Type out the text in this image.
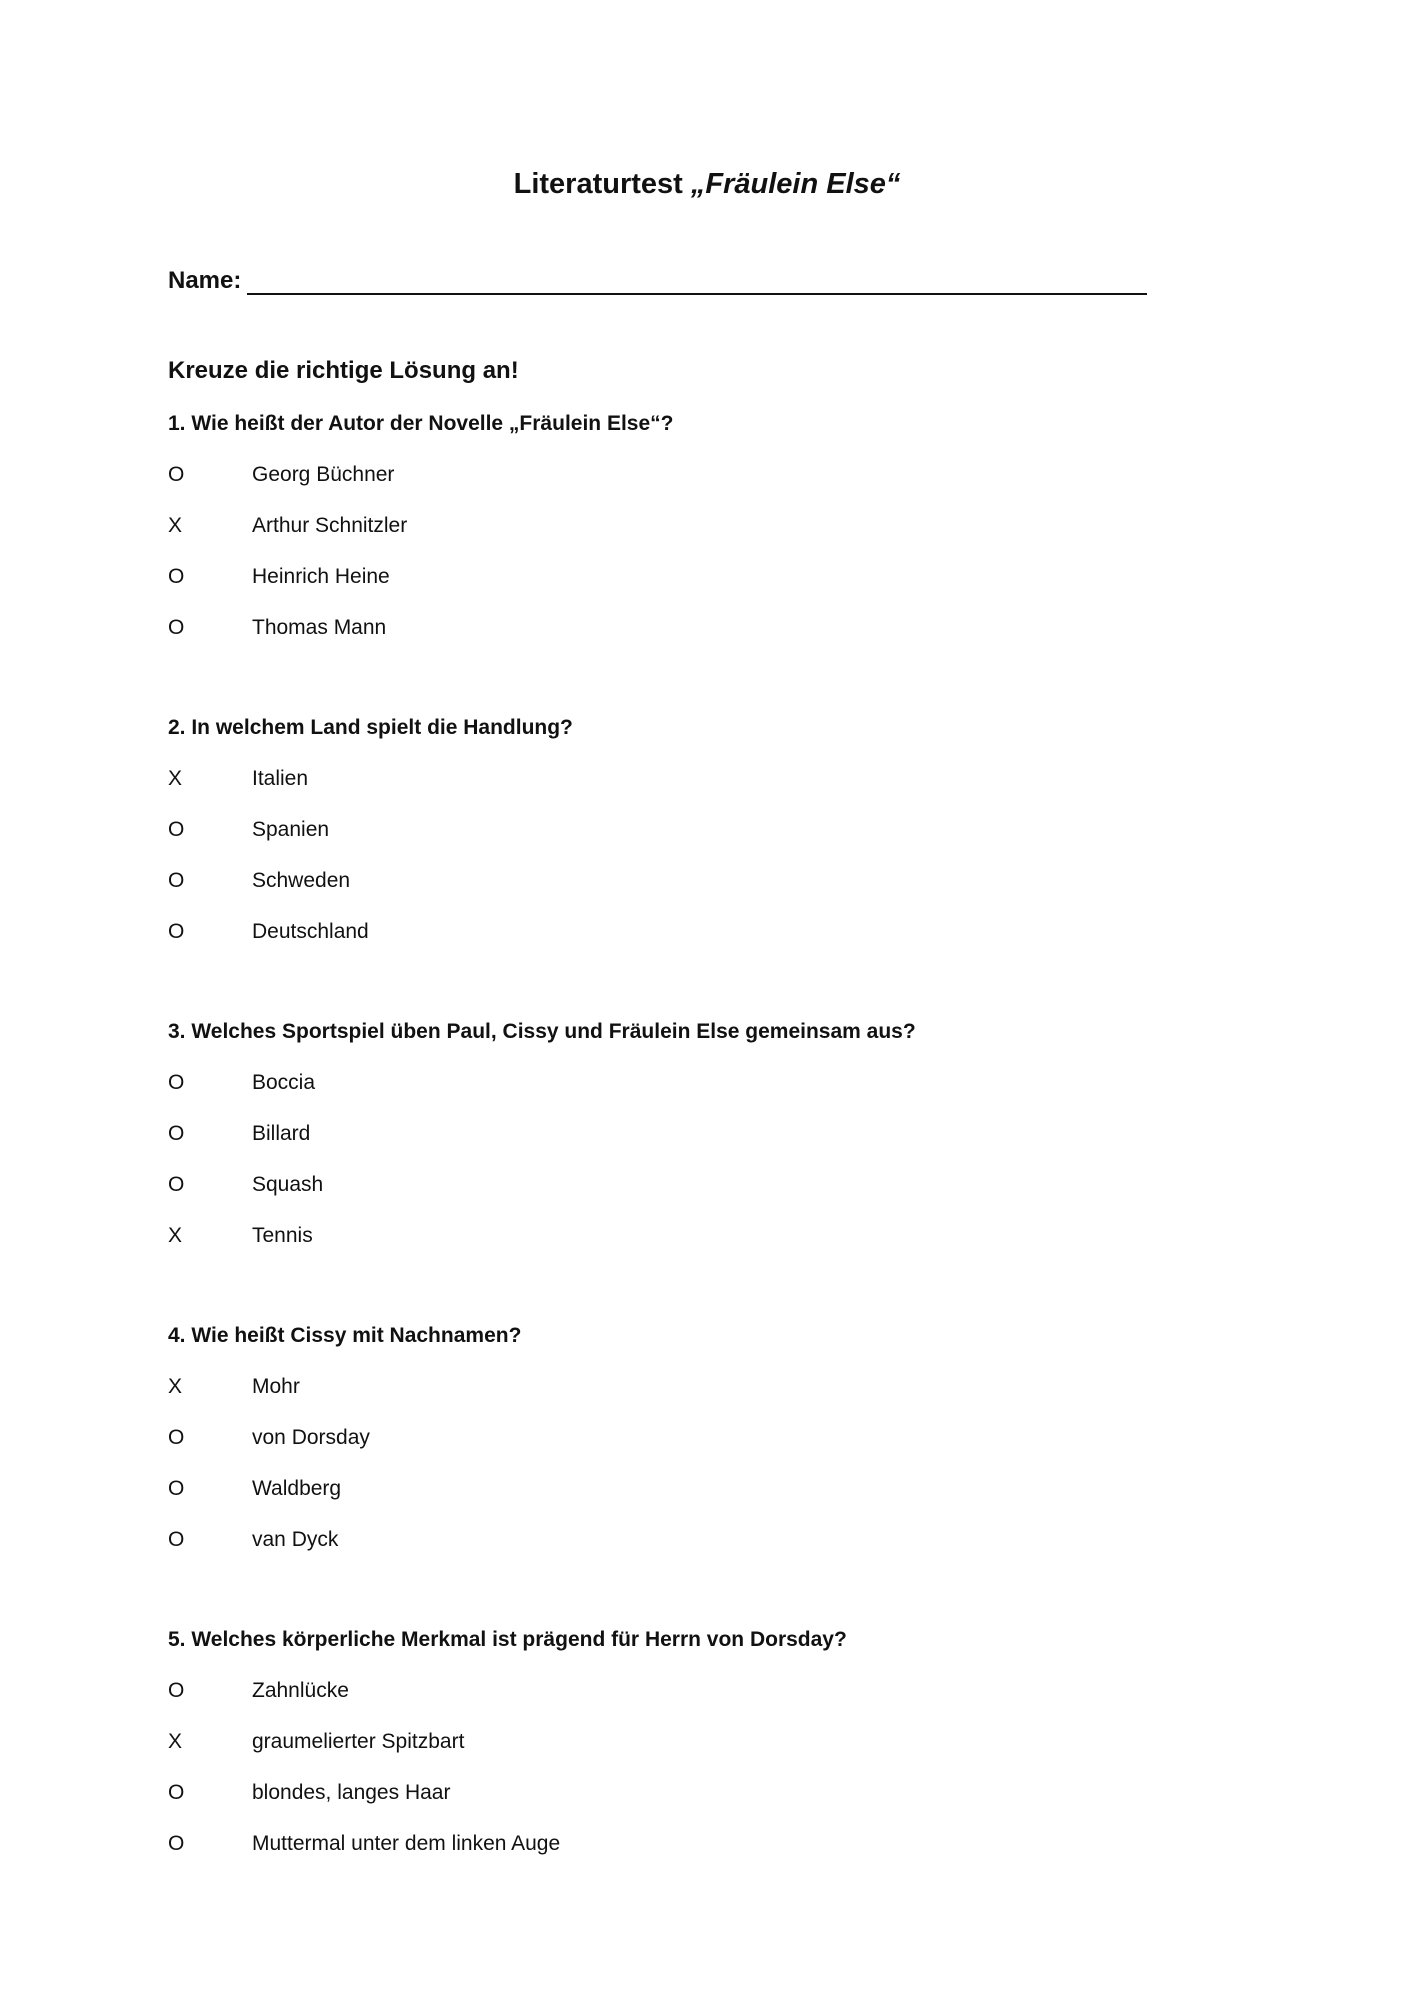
Literaturtest „Fräulein Else“
Name:

Kreuze die richtige Lösung an!

1. Wie heißt der Autor der Novelle „Fräulein Else“?

O	Georg Büchner
X	Arthur Schnitzler
O	Heinrich Heine
O	Thomas Mann

2. In welchem Land spielt die Handlung?

X	Italien
O	Spanien
O	Schweden
O	Deutschland

3. Welches Sportspiel üben Paul, Cissy und Fräulein Else gemeinsam aus?

O	Boccia
O	Billard
O	Squash
X	Tennis

4. Wie heißt Cissy mit Nachnamen?

X	Mohr
O	von Dorsday
O	Waldberg
O	van Dyck

5. Welches körperliche Merkmal ist prägend für Herrn von Dorsday?

O	Zahnlücke
X	graumelierter Spitzbart
O	blondes, langes Haar
O	Muttermal unter dem linken Auge
